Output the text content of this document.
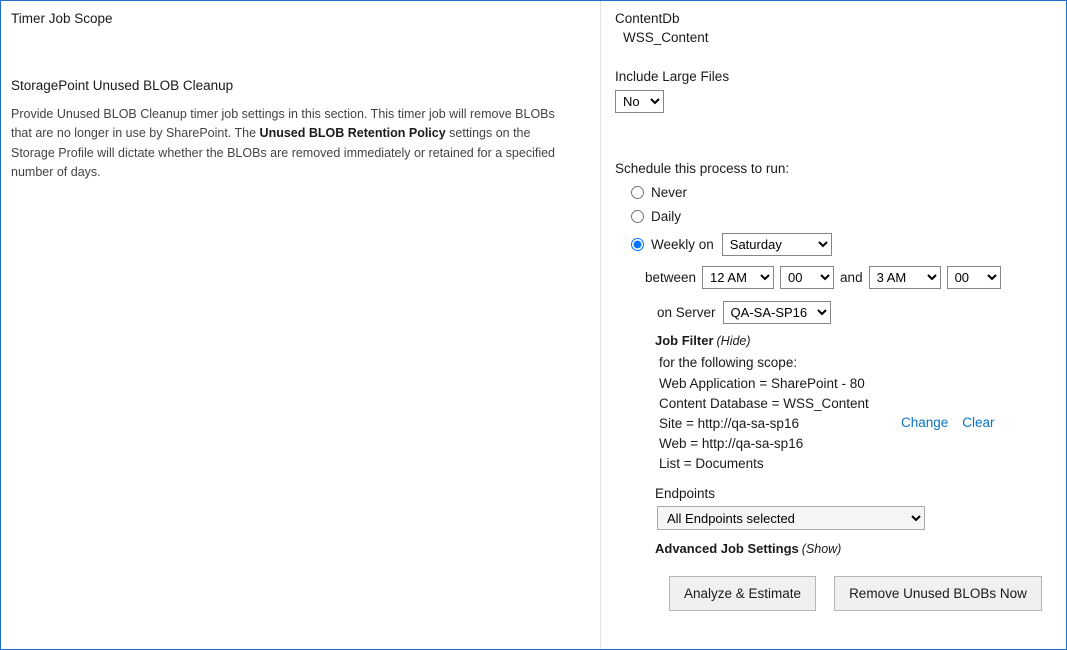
Timer Job Scope
StoragePoint Unused BLOB Cleanup

Provide Unused BLOB Cleanup timer job settings in this section. This timer job will remove BLOBs that are no longer in use by SharePoint. The Unused BLOB Retention Policy settings on the Storage Profile will dictate whether the BLOBs are removed immediately or retained for a specified number of days.

ContentDb
WSS_Content
Include Large Files
No
Schedule this process to run:
Never
Daily
Weekly on
Saturday
between
12 AM
00	and
3 AM
00
on Server
QA-SA-SP16
Job Filter (Hide)
for the following scope:
Web Application = SharePoint - 80
Content Database = WSS_Content
Site = http://qa-sa-sp16
Web = http://qa-sa-sp16
List = Documents
Change Clear
Endpoints
All Endpoints selected
Advanced Job Settings (Show)
Analyze & Estimate	Remove Unused BLOBs Now
